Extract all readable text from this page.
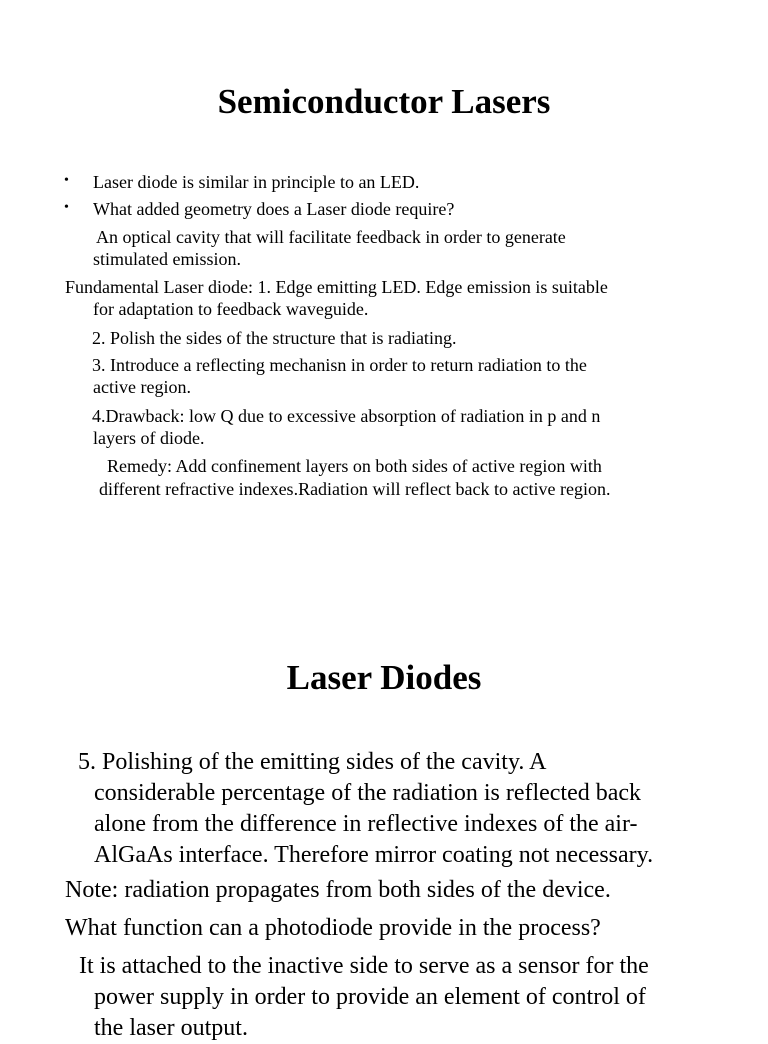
Semiconductor Lasers
• Laser diode is similar in principle to an LED.

• What added geometry does a Laser diode require?

An optical cavity that will facilitate feedback in order to generate

stimulated emission.

Fundamental Laser diode: 1. Edge emitting LED. Edge emission is suitable

for adaptation to feedback waveguide.

2. Polish the sides of the structure that is radiating.

3. Introduce a reflecting mechanisn in order to return radiation to the

active region.

4.Drawback: low Q due to excessive absorption of radiation in p and n

layers of diode.

Remedy: Add confinement layers on both sides of active region with

different refractive indexes.Radiation will reflect back to active region.

Laser Diodes

5. Polishing of the emitting sides of the cavity. A

considerable percentage of the radiation is reflected back

alone from the difference in reflective indexes of the air-

AlGaAs interface. Therefore mirror coating not necessary.

Note: radiation propagates from both sides of the device.

What function can a photodiode provide in the process?

It is attached to the inactive side to serve as a sensor for the

power supply in order to provide an element of control of

the laser output.
